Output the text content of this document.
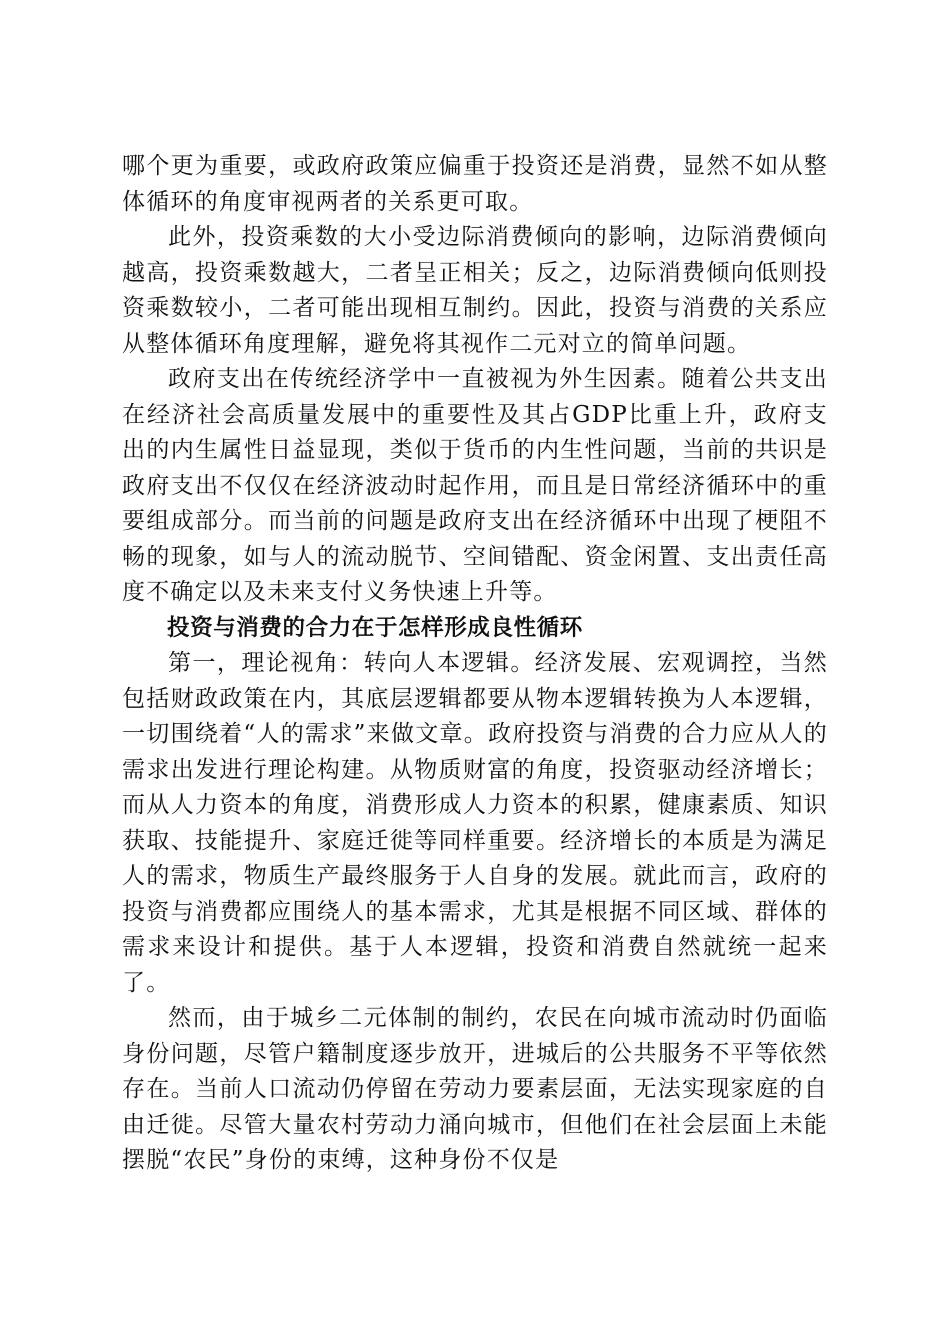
哪个更为重要，或政府政策应偏重于投资还是消费，显然不如从整体循环的角度审视两者的关系更可取。

此外，投资乘数的大小受边际消费倾向的影响，边际消费倾向越高，投资乘数越大，二者呈正相关；反之，边际消费倾向低则投资乘数较小，二者可能出现相互制约。因此，投资与消费的关系应从整体循环角度理解，避免将其视作二元对立的简单问题。

政府支出在传统经济学中一直被视为外生因素。随着公共支出在经济社会高质量发展中的重要性及其占GDP比重上升，政府支出的内生属性日益显现，类似于货币的内生性问题，当前的共识是政府支出不仅仅在经济波动时起作用，而且是日常经济循环中的重要组成部分。而当前的问题是政府支出在经济循环中出现了梗阻不畅的现象，如与人的流动脱节、空间错配、资金闲置、支出责任高度不确定以及未来支付义务快速上升等。

投资与消费的合力在于怎样形成良性循环

第一，理论视角：转向人本逻辑。经济发展、宏观调控，当然包括财政政策在内，其底层逻辑都要从物本逻辑转换为人本逻辑，一切围绕着“人的需求”来做文章。政府投资与消费的合力应从人的需求出发进行理论构建。从物质财富的角度，投资驱动经济增长；而从人力资本的角度，消费形成人力资本的积累，健康素质、知识获取、技能提升、家庭迁徙等同样重要。经济增长的本质是为满足人的需求，物质生产最终服务于人自身的发展。就此而言，政府的投资与消费都应围绕人的基本需求，尤其是根据不同区域、群体的需求来设计和提供。基于人本逻辑，投资和消费自然就统一起来了。

然而，由于城乡二元体制的制约，农民在向城市流动时仍面临身份问题，尽管户籍制度逐步放开，进城后的公共服务不平等依然存在。当前人口流动仍停留在劳动力要素层面，无法实现家庭的自由迁徙。尽管大量农村劳动力涌向城市，但他们在社会层面上未能摆脱“农民”身份的束缚，这种身份不仅是
